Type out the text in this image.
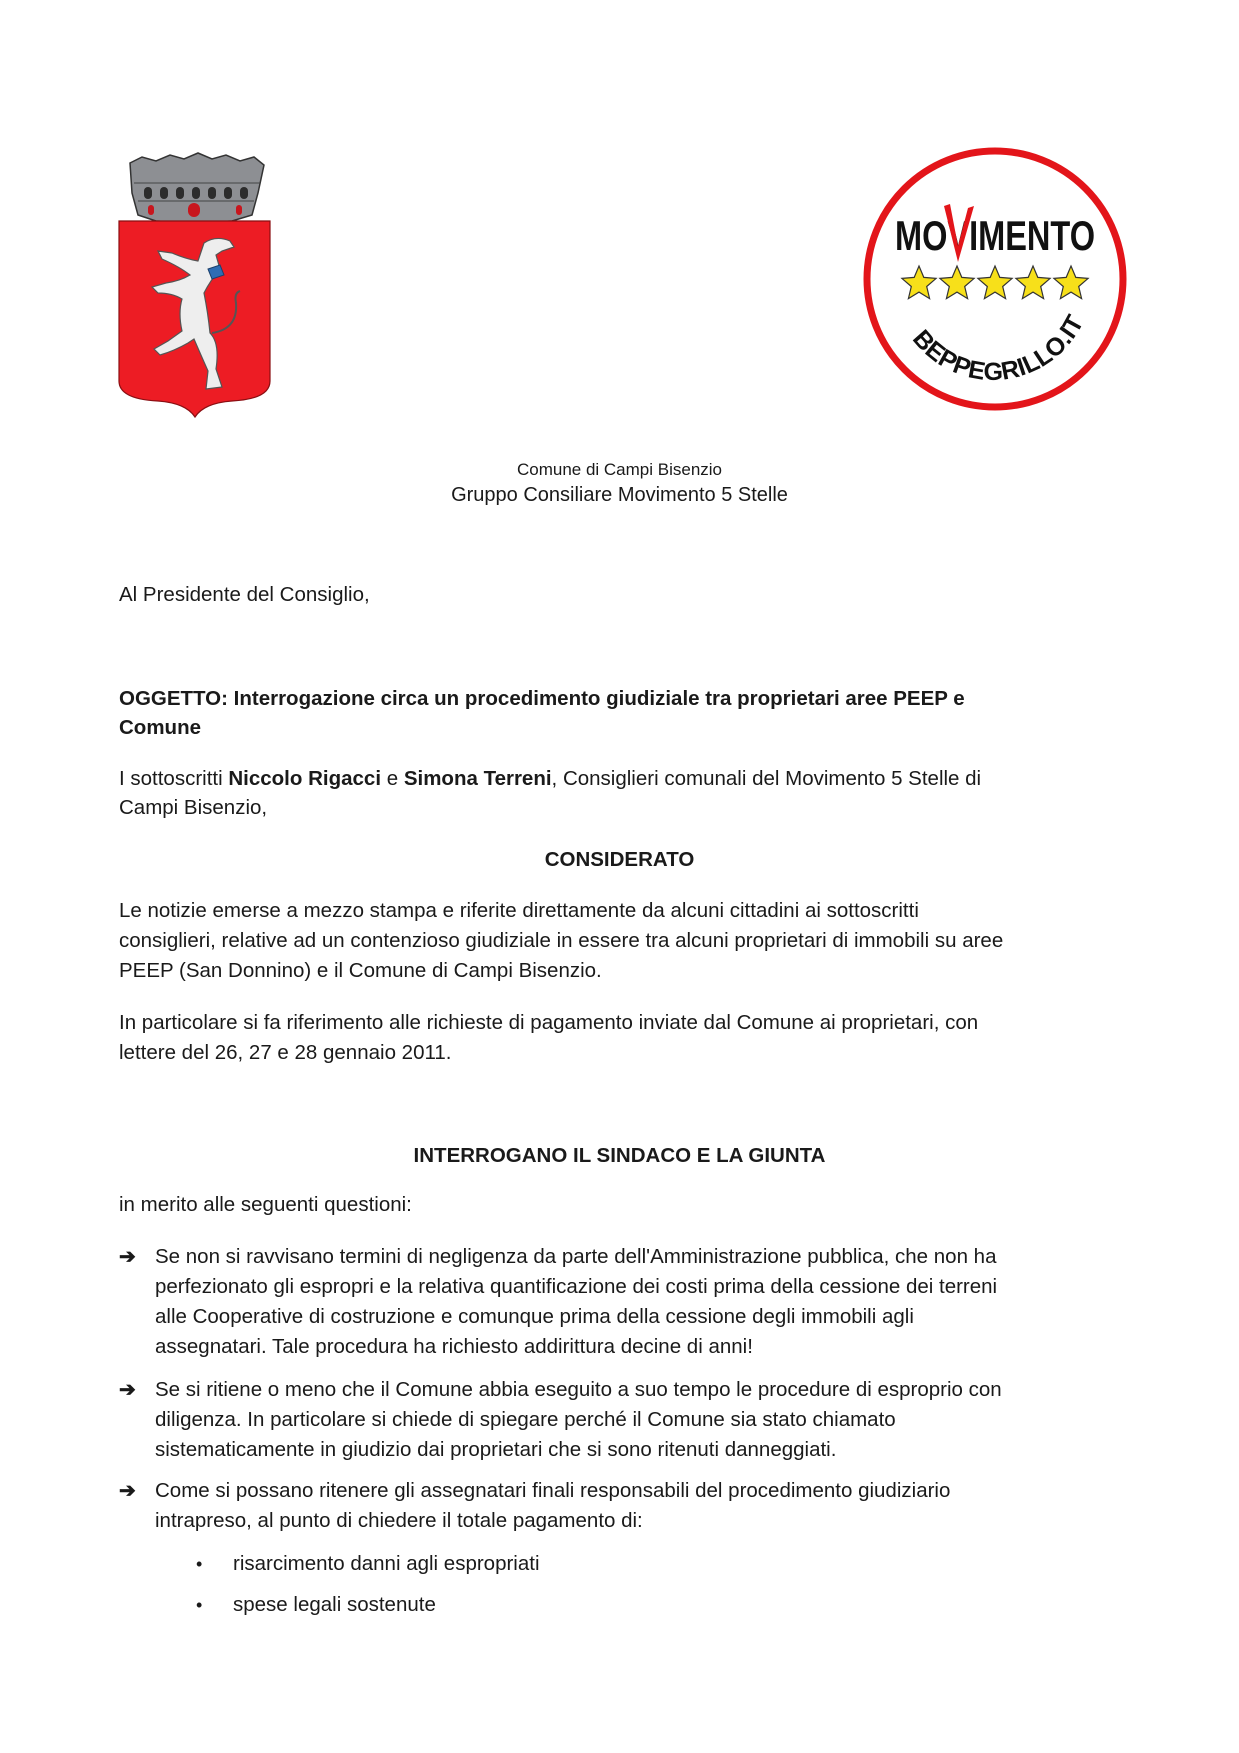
MOVIMENTO
BEPPEGRILLO.IT
Comune di Campi Bisenzio
Gruppo Consiliare Movimento 5 Stelle
Al Presidente del Consiglio,
OGGETTO: Interrogazione circa un procedimento giudiziale tra proprietari aree PEEP e
Comune
I sottoscritti Niccolo Rigacci e Simona Terreni, Consiglieri comunali del Movimento 5 Stelle di
Campi Bisenzio,
CONSIDERATO
Le notizie emerse a mezzo stampa e riferite direttamente da alcuni cittadini ai sottoscritti
consiglieri, relative ad un contenzioso giudiziale in essere tra alcuni proprietari di immobili su aree
PEEP (San Donnino) e il Comune di Campi Bisenzio.
In particolare si fa riferimento alle richieste di pagamento inviate dal Comune ai proprietari, con
lettere del 26, 27 e 28 gennaio 2011.
INTERROGANO IL SINDACO E LA GIUNTA
in merito alle seguenti questioni:
➔ Se non si ravvisano termini di negligenza da parte dell'Amministrazione pubblica, che non ha
perfezionato gli espropri e la relativa quantificazione dei costi prima della cessione dei terreni
alle Cooperative di costruzione e comunque prima della cessione degli immobili agli
assegnatari. Tale procedura ha richiesto addirittura decine di anni!
➔ Se si ritiene o meno che il Comune abbia eseguito a suo tempo le procedure di esproprio con
diligenza. In particolare si chiede di spiegare perché il Comune sia stato chiamato
sistematicamente in giudizio dai proprietari che si sono ritenuti danneggiati.
➔ Come si possano ritenere gli assegnatari finali responsabili del procedimento giudiziario
intrapreso, al punto di chiedere il totale pagamento di:
• risarcimento danni agli espropriati
• spese legali sostenute
